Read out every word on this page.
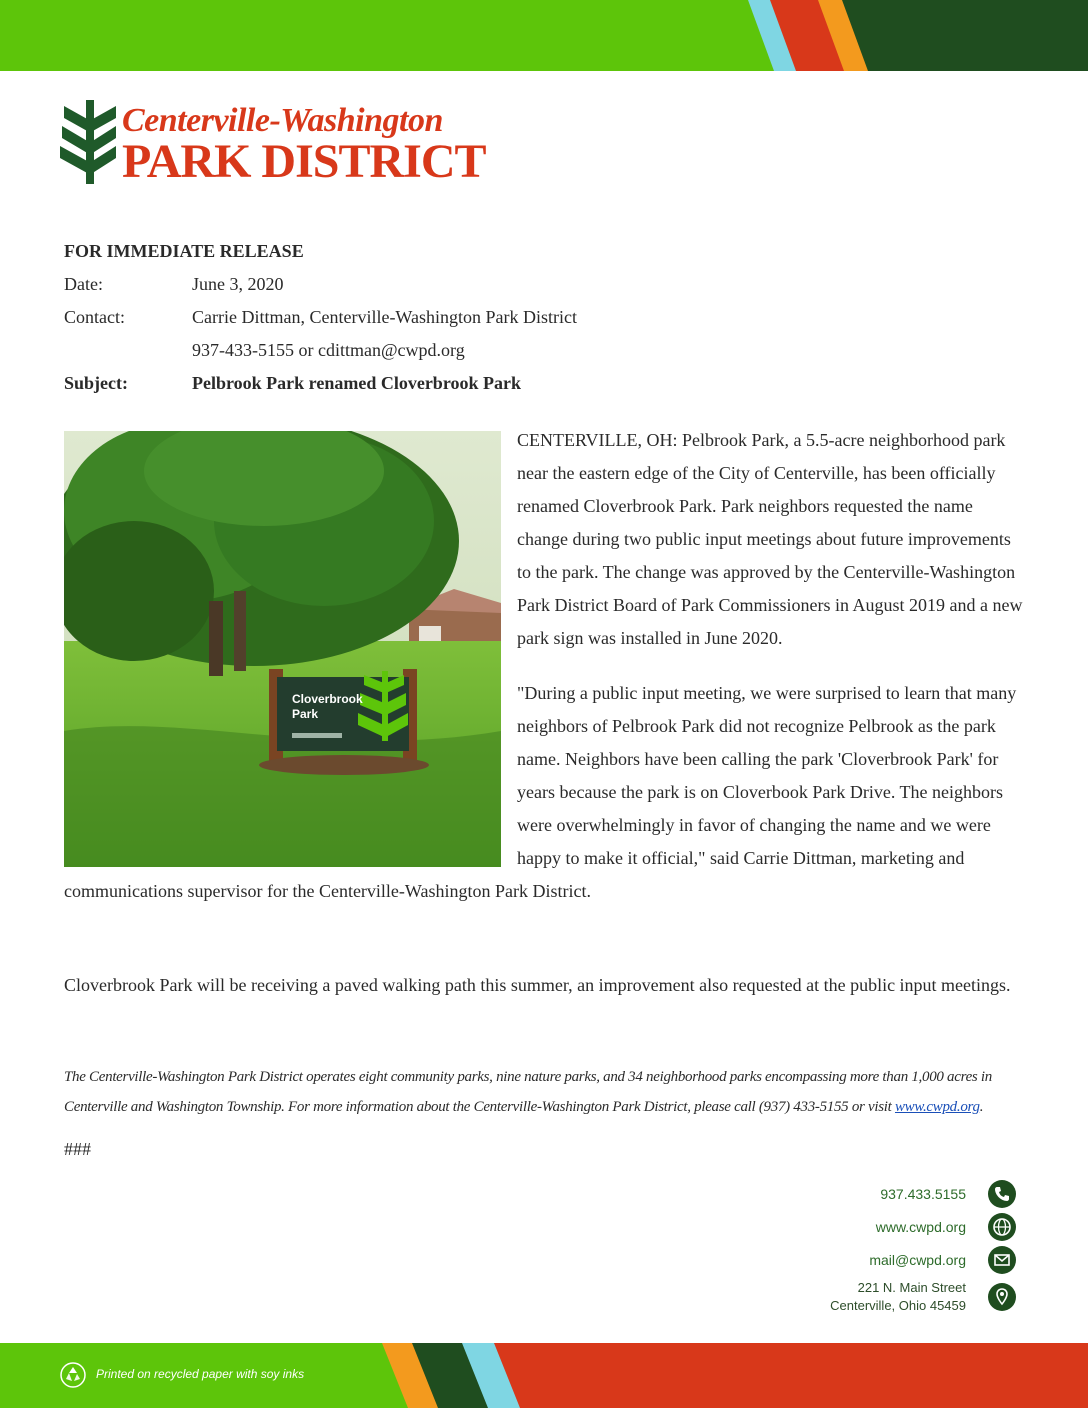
Centerville-Washington
PARK DISTRICT
FOR IMMEDIATE RELEASE
Date:	June 3, 2020
Contact:	Carrie Dittman, Centerville-Washington Park District
937-433-5155 or cdittman@cwpd.org
Subject:	Pelbrook Park renamed Cloverbrook Park
Cloverbrook
Park

CENTERVILLE, OH: Pelbrook Park, a 5.5-acre neighborhood park near the eastern edge of the City of Centerville, has been officially renamed Cloverbrook Park. Park neighbors requested the name change during two public input meetings about future improvements to the park. The change was approved by the Centerville-Washington Park District Board of Park Commissioners in August 2019 and a new park sign was installed in June 2020.

"During a public input meeting, we were surprised to learn that many neighbors of Pelbrook Park did not recognize Pelbrook as the park name. Neighbors have been calling the park 'Cloverbrook Park' for years because the park is on Cloverbook Park Drive. The neighbors were overwhelmingly in favor of changing the name and we were happy to make it official," said Carrie Dittman, marketing and communications supervisor for the Centerville-Washington Park District.

Cloverbrook Park will be receiving a paved walking path this summer, an improvement also requested at the public input meetings.

The Centerville-Washington Park District operates eight community parks, nine nature parks, and 34 neighborhood parks encompassing more than 1,000 acres in Centerville and Washington Township. For more information about the Centerville-Washington Park District, please call (937) 433-5155 or visit www.cwpd.org.

###
937.433.5155
www.cwpd.org
mail@cwpd.org
221 N. Main Street
Centerville, Ohio 45459
Printed on recycled paper with soy inks
